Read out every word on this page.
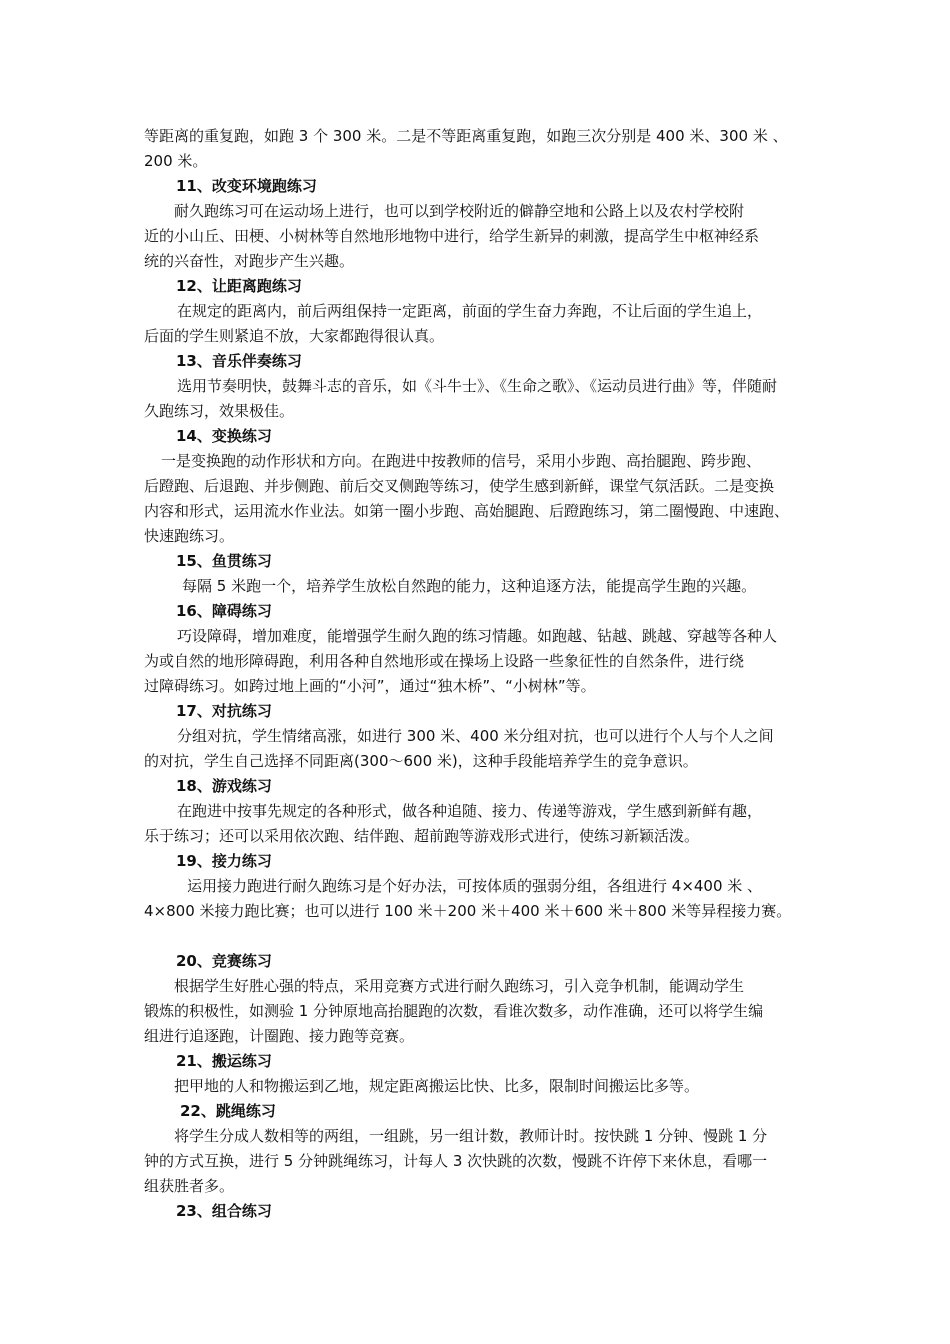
等距离的重复跑，如跑 3 个 300 米。二是不等距离重复跑，如跑三次分别是 400 米、300 米 、
200 米。
11、改变环境跑练习
耐久跑练习可在运动场上进行，也可以到学校附近的僻静空地和公路上以及农村学校附
近的小山丘、田梗、小树林等自然地形地物中进行，给学生新异的刺激，提高学生中枢神经系
统的兴奋性，对跑步产生兴趣。
12、让距离跑练习
在规定的距离内，前后两组保持一定距离，前面的学生奋力奔跑，不让后面的学生追上，
后面的学生则紧追不放，大家都跑得很认真。
13、音乐伴奏练习
选用节奏明快，鼓舞斗志的音乐，如《斗牛士》、《生命之歌》、《运动员进行曲》等，伴随耐
久跑练习，效果极佳。
14、变换练习
一是变换跑的动作形状和方向。在跑进中按教师的信号，采用小步跑、高抬腿跑、跨步跑、
后蹬跑、后退跑、并步侧跑、前后交叉侧跑等练习，使学生感到新鲜，课堂气氛活跃。二是变换
内容和形式，运用流水作业法。如第一圈小步跑、高始腿跑、后蹬跑练习，第二圈慢跑、中速跑、
快速跑练习。
15、鱼贯练习
每隔 5 米跑一个，培养学生放松自然跑的能力，这种追逐方法，能提高学生跑的兴趣。
16、障碍练习
巧设障碍，增加难度，能增强学生耐久跑的练习情趣。如跑越、钻越、跳越、穿越等各种人
为或自然的地形障碍跑，利用各种自然地形或在操场上设路一些象征性的自然条件，进行绕
过障碍练习。如跨过地上画的“小河”，通过“独木桥”、“小树林”等。
17、对抗练习
分组对抗，学生情绪高涨，如进行 300 米、400 米分组对抗，也可以进行个人与个人之间
的对抗，学生自己选择不同距离(300～600 米)，这种手段能培养学生的竞争意识。
18、游戏练习
在跑进中按事先规定的各种形式，做各种追随、接力、传递等游戏，学生感到新鲜有趣，
乐于练习；还可以采用依次跑、结伴跑、超前跑等游戏形式进行，使练习新颖活泼。
19、接力练习
运用接力跑进行耐久跑练习是个好办法，可按体质的强弱分组，各组进行 4×400 米 、
4×800 米接力跑比赛；也可以进行 100 米＋200 米＋400 米＋600 米＋800 米等异程接力赛。
20、竞赛练习
根据学生好胜心强的特点，采用竞赛方式进行耐久跑练习，引入竞争机制，能调动学生
锻炼的积极性，如测验 1 分钟原地高抬腿跑的次数，看谁次数多，动作准确，还可以将学生编
组进行追逐跑，计圈跑、接力跑等竞赛。
21、搬运练习
把甲地的人和物搬运到乙地，规定距离搬运比快、比多，限制时间搬运比多等。
22、跳绳练习
将学生分成人数相等的两组，一组跳，另一组计数，教师计时。按快跳 1 分钟、慢跳 1 分
钟的方式互换，进行 5 分钟跳绳练习，计每人 3 次快跳的次数，慢跳不许停下来休息，看哪一
组获胜者多。
23、组合练习
